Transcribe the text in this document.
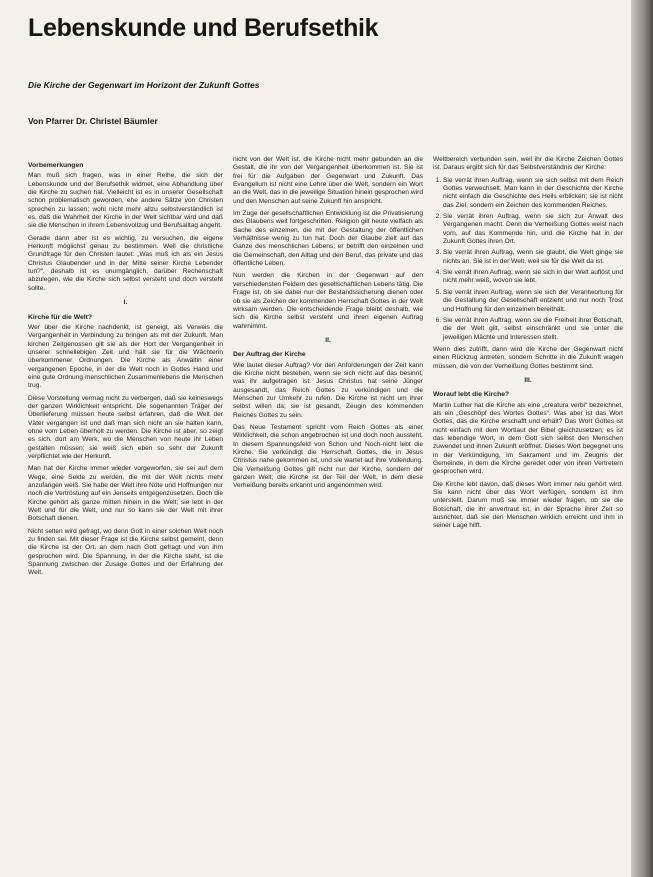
Lebenskunde und Berufsethik
Die Kirche der Gegenwart im Horizont der Zukunft Gottes
Von Pfarrer Dr. Christel Bäumler
Vorbemerkungen

Man muß sich fragen, was in einer Reihe, die sich der Lebenskunde und der Berufsethik widmet, eine Abhandlung über die Kirche zu suchen hat. Vielleicht ist es in unserer Gesellschaft schon problematisch geworden, ehe andere Sätze von Christen sprechen zu lassen; wohl nicht mehr allzu selbstverständlich ist es, daß die Wahrheit der Kirche in der Welt sichtbar wird und daß sie die Menschen in ihrem Lebensvollzug und Berufsalltag angeht.

Gerade dann aber ist es wichtig, zu versuchen, die eigene Herkunft möglichst genau zu bestimmen. Weil die christliche Grundfrage für den Christen lautet: „Was muß ich als ein Jesus Christus Glaubender und in der Mitte seiner Kirche Lebender tun?“, deshalb ist es unumgänglich, darüber Rechenschaft abzulegen, wie die Kirche sich selbst versteht und doch versteht sollte.

I.
Kirche für die Welt?

Wer über die Kirche nachdenkt, ist geneigt, als Verweis die Vergangenheit in Verbindung zu bringen als mit der Zukunft. Man kirchen Zeitgenossen gilt sie als der Hort der Vergangenheit in unserer schnellebigen Zeit und hält sie für die Wächterin überkommener Ordnungen. Die Kirche als Anwältin einer vergangenen Epoche, in der die Welt noch in Gottes Hand und eine gute Ordnung menschlichen Zusammenlebens die Menschen trug.

Diese Vorstellung vermag nicht zu verbergen, daß sie keineswegs der ganzen Wirklichkeit entspricht. Die sogenannten Träger der Überlieferung müssen heute selbst erfahren, daß die Welt der Väter vergangen ist und daß man sich nicht an sie halten kann, ohne vom Leben überholt zu werden. Die Kirche ist aber, so zeigt es sich, dort am Werk, wo die Menschen von heute ihr Leben gestalten müssen; sie weiß sich eben so sehr der Zukunft verpflichtet wie der Herkunft.

Man hat der Kirche immer wieder vorgeworfen, sie sei auf dem Wege, eine Sekte zu werden, die mit der Welt nichts mehr anzufangen weiß. Sie habe der Welt ihre Nöte und Hoffnungen nur noch die Vertröstung auf ein Jenseits entgegenzusetzen. Doch die Kirche gehört als ganze mitten hinein in die Welt; sie lebt in der Welt und für die Welt, und nur so kann sie der Welt mit ihrer Botschaft dienen.

Nicht selten wird gefragt, wo denn Gott in einer solchen Welt noch zu finden sei. Mit dieser Frage ist die Kirche selbst gemeint, denn die Kirche ist der Ort, an dem nach Gott gefragt und von ihm gesprochen wird. Die Spannung, in der die Kirche steht, ist die Spannung zwischen der Zusage Gottes und der Erfahrung der Welt.

nicht von der Welt ist, die Kirche nicht mehr gebunden an die Gestalt, die ihr von der Vergangenheit überkommen ist. Sie ist frei für die Aufgaben der Gegenwart und Zukunft. Das Evangelium ist nicht eine Lehre über die Welt, sondern ein Wort an die Welt, das in die jeweilige Situation hinein gesprochen wird und den Menschen auf seine Zukunft hin anspricht.

Im Zuge der gesellschaftlichen Entwicklung ist die Privatisierung des Glaubens weit fortgeschritten. Religion gilt heute vielfach als Sache des einzelnen, die mit der Gestaltung der öffentlichen Verhältnisse wenig zu tun hat. Doch der Glaube zielt auf das Ganze des menschlichen Lebens; er betrifft den einzelnen und die Gemeinschaft, den Alltag und den Beruf, das private und das öffentliche Leben.

Nun werden die Kirchen in der Gegenwart auf den verschiedensten Feldern des gesellschaftlichen Lebens tätig. Die Frage ist, ob sie dabei nur der Bestandssicherung dienen oder ob sie als Zeichen der kommenden Herrschaft Gottes in der Welt wirksam werden. Die entscheidende Frage bleibt deshalb, wie sich die Kirche selbst versteht und ihren eigenen Auftrag wahrnimmt.

II.
Der Auftrag der Kirche

Wie lautet dieser Auftrag? Vor den Anforderungen der Zeit kann die Kirche nicht bestehen, wenn sie sich nicht auf das besinnt, was ihr aufgetragen ist. Jesus Christus hat seine Jünger ausgesandt, das Reich Gottes zu verkündigen und die Menschen zur Umkehr zu rufen. Die Kirche ist nicht um ihrer selbst willen da; sie ist gesandt, Zeugin des kommenden Reiches Gottes zu sein.

Das Neue Testament spricht vom Reich Gottes als einer Wirklichkeit, die schon angebrochen ist und doch noch aussteht. In diesem Spannungsfeld von Schon und Noch-nicht lebt die Kirche. Sie verkündigt die Herrschaft Gottes, die in Jesus Christus nahe gekommen ist, und sie wartet auf ihre Vollendung. Die Verheißung Gottes gilt nicht nur der Kirche, sondern der ganzen Welt; die Kirche ist der Teil der Welt, in dem diese Verheißung bereits erkannt und angenommen wird.

Weltbereich verbunden sein, weil ihr die Kirche Zeichen Gottes ist. Daraus ergibt sich für das Selbstverständnis der Kirche:

1. Sie verrät ihren Auftrag, wenn sie sich selbst mit dem Reich Gottes verwechselt. Man kann in der Geschichte der Kirche nicht einfach die Geschichte des Heils erblicken; sie ist nicht das Ziel, sondern ein Zeichen des kommenden Reiches.
2. Sie verrät ihren Auftrag, wenn sie sich zur Anwalt des Vergangenen macht. Denn die Verheißung Gottes weist nach vorn, auf das Kommende hin, und die Kirche hat in der Zukunft Gottes ihren Ort.
3. Sie verrät ihren Auftrag, wenn sie glaubt, die Welt ginge sie nichts an. Sie ist in der Welt, weil sie für die Welt da ist.
4. Sie verrät ihren Auftrag, wenn sie sich in der Welt auflöst und nicht mehr weiß, wovon sie lebt.
5. Sie verrät ihren Auftrag, wenn sie sich der Verantwortung für die Gestaltung der Gesellschaft entzieht und nur noch Trost und Hoffnung für den einzelnen bereithält.
6. Sie verrät ihren Auftrag, wenn sie die Freiheit ihrer Botschaft, die der Welt gilt, selbst einschränkt und sie unter die jeweiligen Mächte und Interessen stellt.

Wenn dies zutrifft, dann wird die Kirche der Gegenwart nicht einen Rückzug antreten, sondern Schritte in die Zukunft wagen müssen, die von der Verheißung Gottes bestimmt sind.

III.
Worauf lebt die Kirche?

Martin Luther hat die Kirche als eine „creatura verbi“ bezeichnet, als ein „Geschöpf des Wortes Gottes“. Was aber ist das Wort Gottes, das die Kirche erschafft und erhält? Das Wort Gottes ist nicht einfach mit dem Wortlaut der Bibel gleichzusetzen; es ist das lebendige Wort, in dem Gott sich selbst den Menschen zuwendet und ihnen Zukunft eröffnet. Dieses Wort begegnet uns in der Verkündigung, im Sakrament und im Zeugnis der Gemeinde, in dem die Kirche geredet oder von ihren Vertretern gesprochen wird.

Die Kirche lebt davon, daß dieses Wort immer neu gehört wird. Sie kann nicht über das Wort verfügen, sondern ist ihm unterstellt. Darum muß sie immer wieder fragen, ob sie die Botschaft, die ihr anvertraut ist, in der Sprache ihrer Zeit so ausrichtet, daß sie den Menschen wirklich erreicht und ihm in seiner Lage hilft.
